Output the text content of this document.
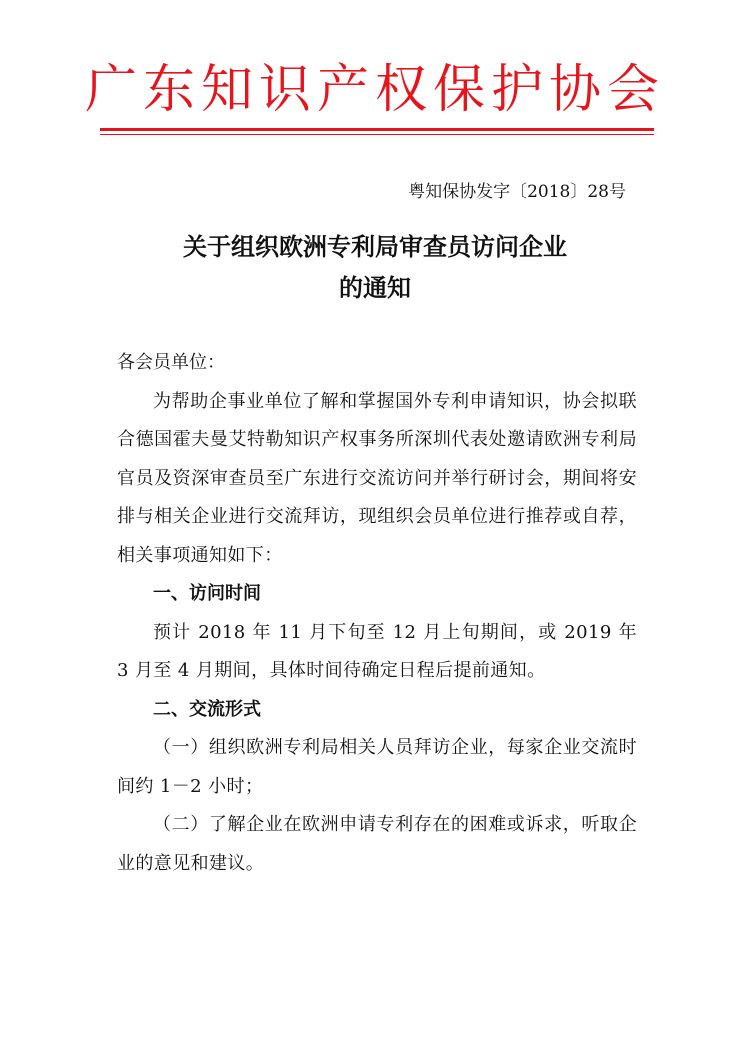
广东知识产权保护协会
粤知保协发字〔2018〕28号
关于组织欧洲专利局审查员访问企业
的通知

各会员单位：

为帮助企事业单位了解和掌握国外专利申请知识，协会拟联合德国霍夫曼艾特勒知识产权事务所深圳代表处邀请欧洲专利局官员及资深审查员至广东进行交流访问并举行研讨会，期间将安排与相关企业进行交流拜访，现组织会员单位进行推荐或自荐，相关事项通知如下：

一、访问时间

预计 2018 年 11 月下旬至 12 月上旬期间，或 2019 年 3 月至 4 月期间，具体时间待确定日程后提前通知。

二、交流形式

（一）组织欧洲专利局相关人员拜访企业，每家企业交流时间约 1－2 小时；

（二）了解企业在欧洲申请专利存在的困难或诉求，听取企业的意见和建议。
